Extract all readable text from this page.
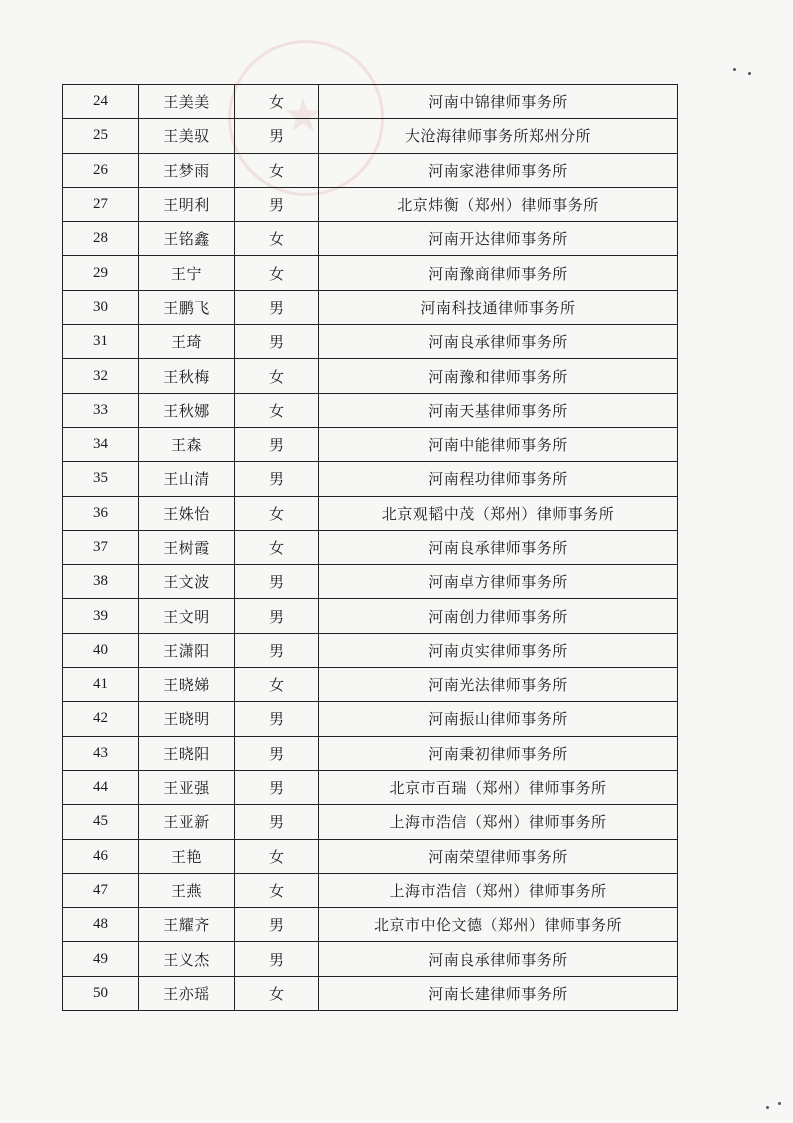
★
24	王美美	女	河南中锦律师事务所
25	王美驭	男	大沧海律师事务所郑州分所
26	王梦雨	女	河南家港律师事务所
27	王明利	男	北京炜衡（郑州）律师事务所
28	王铭鑫	女	河南开达律师事务所
29	王宁	女	河南豫商律师事务所
30	王鹏飞	男	河南科技通律师事务所
31	王琦	男	河南良承律师事务所
32	王秋梅	女	河南豫和律师事务所
33	王秋娜	女	河南天基律师事务所
34	王森	男	河南中能律师事务所
35	王山清	男	河南程功律师事务所
36	王姝怡	女	北京观韬中茂（郑州）律师事务所
37	王树霞	女	河南良承律师事务所
38	王文波	男	河南卓方律师事务所
39	王文明	男	河南创力律师事务所
40	王潇阳	男	河南贞实律师事务所
41	王晓娣	女	河南光法律师事务所
42	王晓明	男	河南振山律师事务所
43	王晓阳	男	河南秉初律师事务所
44	王亚强	男	北京市百瑞（郑州）律师事务所
45	王亚新	男	上海市浩信（郑州）律师事务所
46	王艳	女	河南荣望律师事务所
47	王燕	女	上海市浩信（郑州）律师事务所
48	王耀齐	男	北京市中伦文德（郑州）律师事务所
49	王义杰	男	河南良承律师事务所
50	王亦瑶	女	河南长建律师事务所
